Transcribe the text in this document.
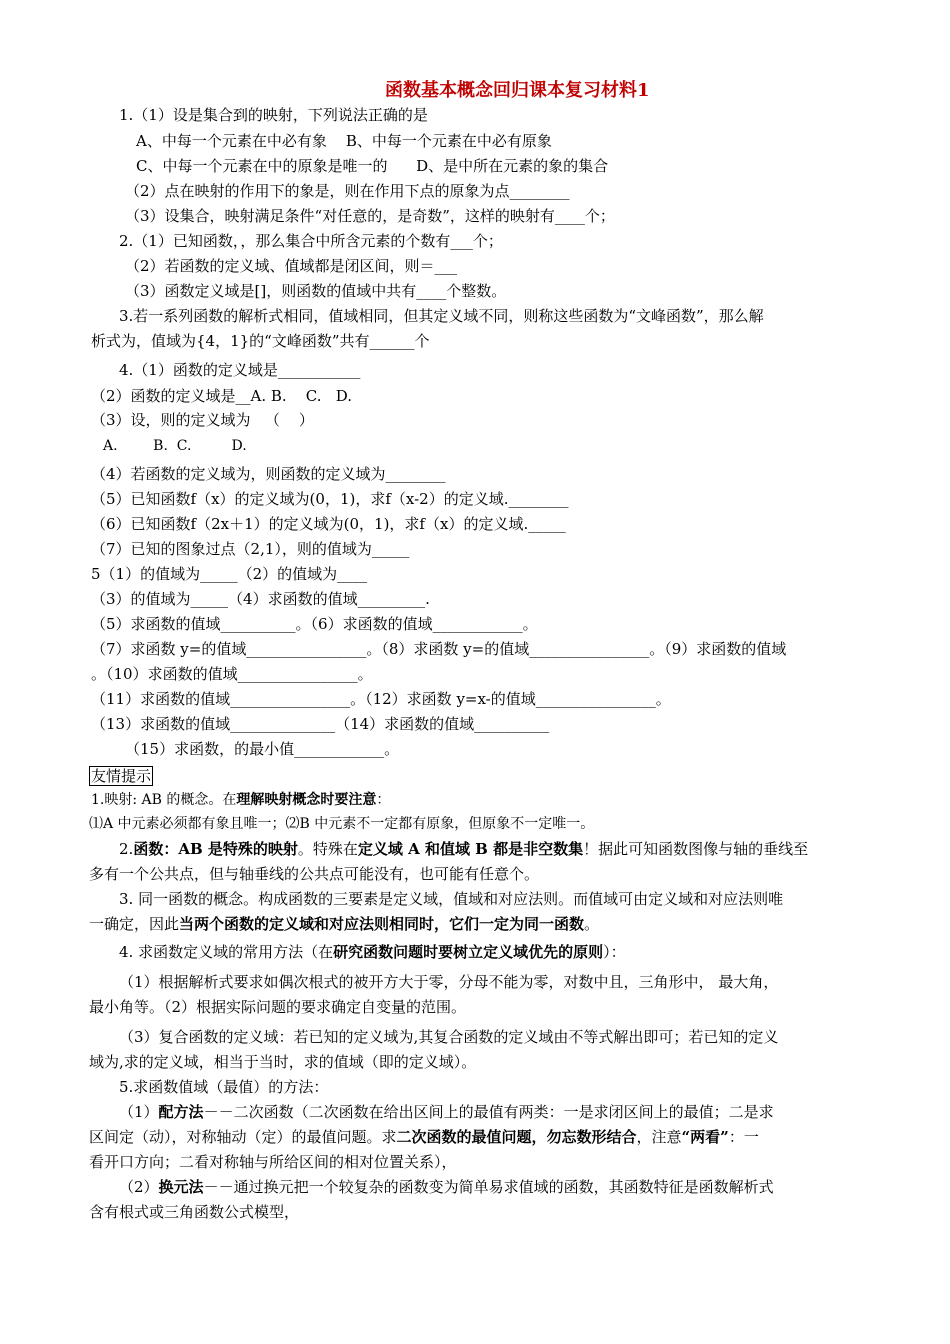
函数基本概念回归课本复习材料1
1.（1）设是集合到的映射，下列说法正确的是
A、中每一个元素在中必有象    B、中每一个元素在中必有原象
C、中每一个元素在中的原象是唯一的      D、是中所在元素的象的集合
（2）点在映射的作用下的象是，则在作用下点的原象为点________
（3）设集合，映射满足条件“对任意的，是奇数”，这样的映射有____个；
2.（1）已知函数，，那么集合中所含元素的个数有___个；
（2）若函数的定义域、值域都是闭区间，则＝___
（3）函数定义域是[]，则函数的值域中共有____个整数。
3.若一系列函数的解析式相同，值域相同，但其定义域不同，则称这些函数为“文峰函数”，那么解
析式为，值域为{4，1}的“文峰函数”共有______个
4.（1）函数的定义域是___________
（2）函数的定义域是__A. B.    C.   D.
（3）设，则的定义域为   （    ）
A.        B.  C.         D.
（4）若函数的定义域为，则函数的定义域为________
（5）已知函数f（x）的定义域为(0，1)，求f（x-2）的定义域.________
（6）已知函数f（2x＋1）的定义域为(0，1)，求f（x）的定义域._____
（7）已知的图象过点（2,1），则的值域为_____
5（1）的值域为_____（2）的值域为____
（3）的值域为_____（4）求函数的值域_________.
（5）求函数的值域__________。（6）求函数的值域____________。
（7）求函数 y=的值域________________。（8）求函数 y=的值域________________。（9）求函数的值域
。（10）求函数的值域________________。
（11）求函数的值域________________。（12）求函数 y=x-的值域________________。
（13）求函数的值域______________（14）求函数的值域__________
（15）求函数，的最小值____________。
友情提示
1.映射: AB 的概念。在理解映射概念时要注意：
⑴A 中元素必须都有象且唯一；⑵B 中元素不一定都有原象，但原象不一定唯一。
2.函数：AB 是特殊的映射。特殊在定义域 A 和值域 B 都是非空数集！据此可知函数图像与轴的垂线至
多有一个公共点，但与轴垂线的公共点可能没有，也可能有任意个。
3. 同一函数的概念。构成函数的三要素是定义域，值域和对应法则。而值域可由定义域和对应法则唯
一确定，因此当两个函数的定义域和对应法则相同时，它们一定为同一函数。
4. 求函数定义域的常用方法（在研究函数问题时要树立定义域优先的原则）：
（1）根据解析式要求如偶次根式的被开方大于零，分母不能为零，对数中且，三角形中， 最大角，
最小角等。（2）根据实际问题的要求确定自变量的范围。
（3）复合函数的定义域：若已知的定义域为,其复合函数的定义域由不等式解出即可；若已知的定义
域为,求的定义域，相当于当时，求的值域（即的定义域）。
5.求函数值域（最值）的方法：
（1）配方法－－二次函数（二次函数在给出区间上的最值有两类：一是求闭区间上的最值；二是求
区间定（动），对称轴动（定）的最值问题。求二次函数的最值问题，勿忘数形结合，注意“两看”：一
看开口方向；二看对称轴与所给区间的相对位置关系），
（2）换元法－－通过换元把一个较复杂的函数变为简单易求值域的函数，其函数特征是函数解析式
含有根式或三角函数公式模型，
